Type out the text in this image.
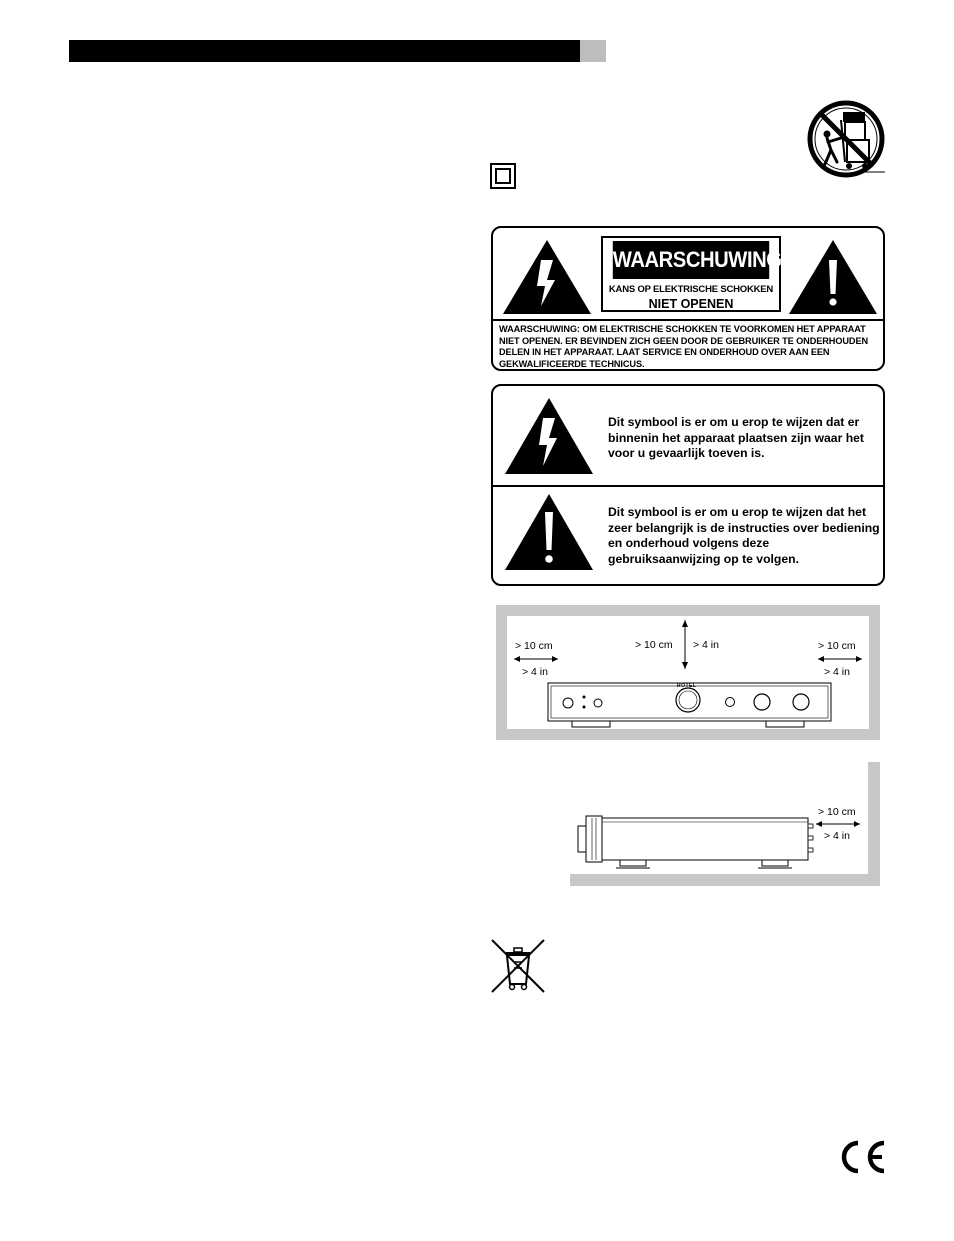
WAARSCHUWING
KANS OP ELEKTRISCHE SCHOKKEN
NIET OPENEN
WAARSCHUWING: OM ELEKTRISCHE SCHOKKEN TE VOORKOMEN HET APPARAAT NIET OPENEN. ER BEVINDEN ZICH GEEN DOOR DE GEBRUIKER TE ONDERHOUDEN DELEN IN HET APPARAAT. LAAT SERVICE EN ONDERHOUD OVER AAN EEN GEKWALIFICEERDE TECHNICUS.
Dit symbool is er om u erop te wijzen dat er binnenin het apparaat plaatsen zijn waar het voor u gevaarlijk toeven is.
Dit symbool is er om u erop te wijzen dat het zeer belangrijk is de instructies over bediening en onderhoud volgens deze gebruiksaanwijzing op te volgen.
> 10 cm
> 4 in
> 10 cm > 4 in	> 10 cm
> 4 in
ROTEL
> 10 cm
> 4 in
